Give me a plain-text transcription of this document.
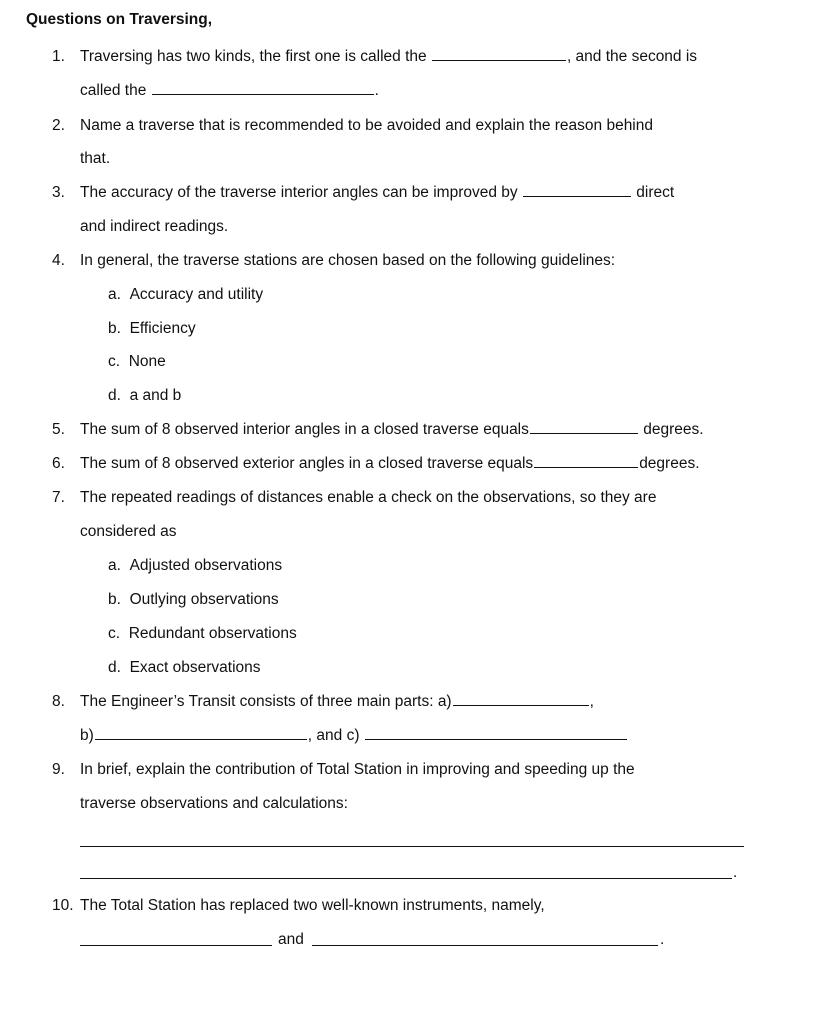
Questions on Traversing,
1. Traversing has two kinds, the first one is called the	, and the second is
called the	.
2. Name a traverse that is recommended to be avoided and explain the reason behind
that.
3. The accuracy of the traverse interior angles can be improved by	direct
and indirect readings.
4. In general, the traverse stations are chosen based on the following guidelines:
a. Accuracy and utility
b. Efficiency
c. None
d. a and b
5. The sum of 8 observed interior angles in a closed traverse equals	degrees.
6. The sum of 8 observed exterior angles in a closed traverse equals	degrees.
7. The repeated readings of distances enable a check on the observations, so they are
considered as
a. Adjusted observations
b. Outlying observations
c. Redundant observations
d. Exact observations
8. The Engineer’s Transit consists of three main parts: a)	,
b)	, and c)
9. In brief, explain the contribution of Total Station in improving and speeding up the
traverse observations and calculations:
.
10. The Total Station has replaced two well-known instruments, namely,
and	.
